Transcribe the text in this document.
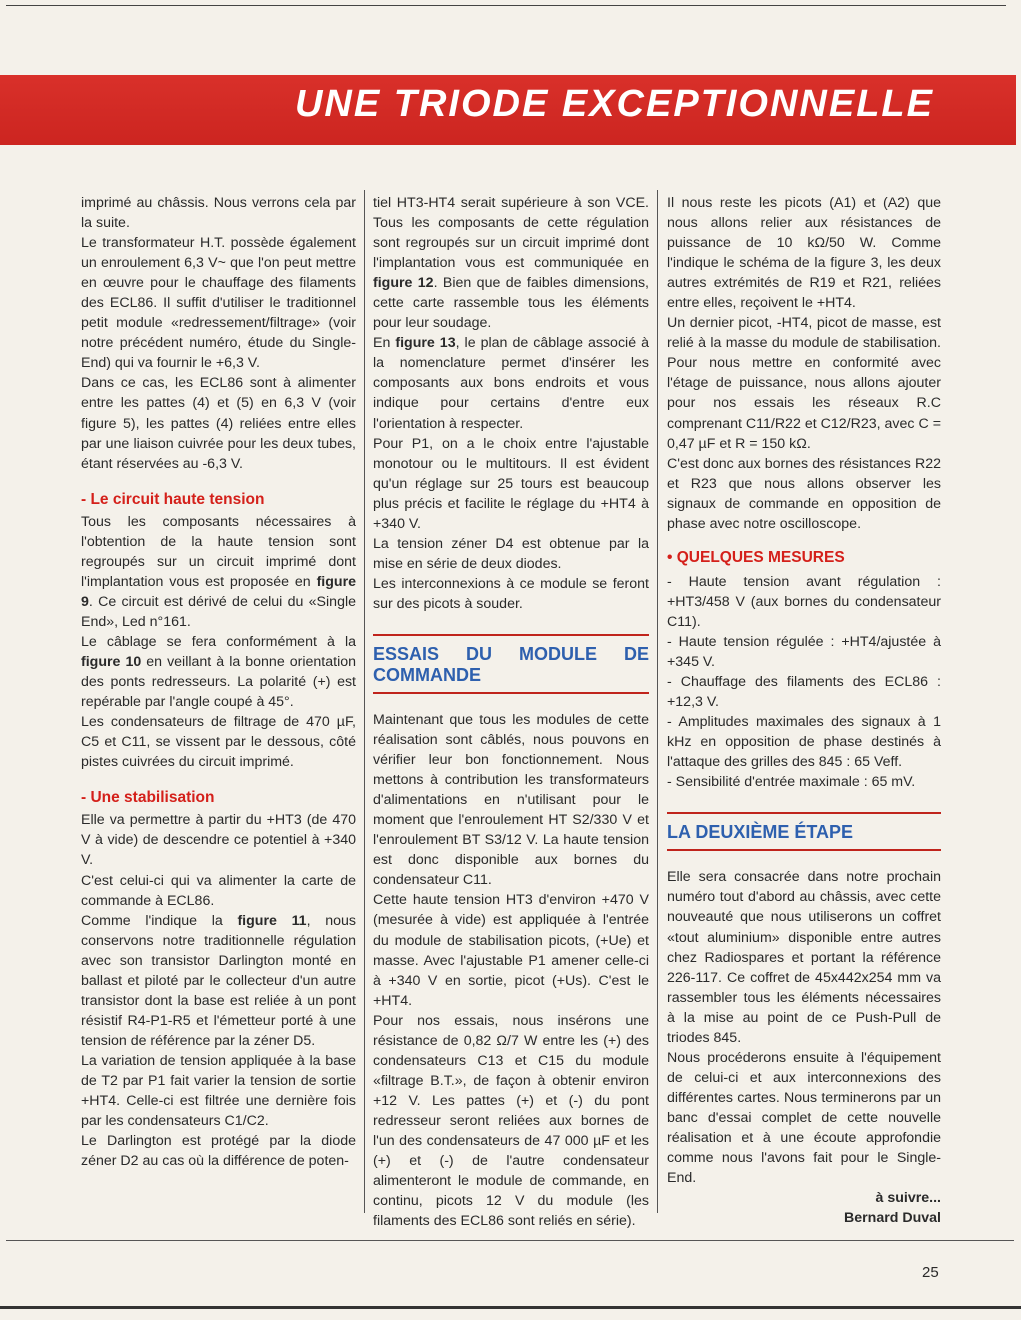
UNE TRIODE EXCEPTIONNELLE

imprimé au châssis. Nous verrons cela par la suite.

Le transformateur H.T. possède également un enroulement 6,3 V~ que l'on peut mettre en œuvre pour le chauffage des filaments des ECL86. Il suffit d'utiliser le traditionnel petit module «redressement/filtrage» (voir notre précédent numéro, étude du Single-End) qui va fournir le +6,3 V.

Dans ce cas, les ECL86 sont à alimenter entre les pattes (4) et (5) en 6,3 V (voir figure 5), les pattes (4) reliées entre elles par une liaison cuivrée pour les deux tubes, étant réservées au -6,3 V.

- Le circuit haute tension

Tous les composants nécessaires à l'obtention de la haute tension sont regroupés sur un circuit imprimé dont l'implantation vous est proposée en figure 9. Ce circuit est dérivé de celui du «Single End», Led n°161.

Le câblage se fera conformément à la figure 10 en veillant à la bonne orientation des ponts redresseurs. La polarité (+) est repérable par l'angle coupé à 45°.

Les condensateurs de filtrage de 470 µF, C5 et C11, se vissent par le dessous, côté pistes cuivrées du circuit imprimé.

- Une stabilisation

Elle va permettre à partir du +HT3 (de 470 V à vide) de descendre ce potentiel à +340 V.

C'est celui-ci qui va alimenter la carte de commande à ECL86.

Comme l'indique la figure 11, nous conservons notre traditionnelle régulation avec son transistor Darlington monté en ballast et piloté par le collecteur d'un autre transistor dont la base est reliée à un pont résistif R4-P1-R5 et l'émetteur porté à une tension de référence par la zéner D5.

La variation de tension appliquée à la base de T2 par P1 fait varier la tension de sortie +HT4. Celle-ci est filtrée une dernière fois par les condensateurs C1/C2.

Le Darlington est protégé par la diode zéner D2 au cas où la différence de poten-

tiel HT3-HT4 serait supérieure à son VCE. Tous les composants de cette régulation sont regroupés sur un circuit imprimé dont l'implantation vous est communiquée en figure 12. Bien que de faibles dimensions, cette carte rassemble tous les éléments pour leur soudage.

En figure 13, le plan de câblage associé à la nomenclature permet d'insérer les composants aux bons endroits et vous indique pour certains d'entre eux l'orientation à respecter.

Pour P1, on a le choix entre l'ajustable monotour ou le multitours. Il est évident qu'un réglage sur 25 tours est beaucoup plus précis et facilite le réglage du +HT4 à +340 V.

La tension zéner D4 est obtenue par la mise en série de deux diodes.

Les interconnexions à ce module se feront sur des picots à souder.

ESSAIS DU MODULE DE COMMANDE

Maintenant que tous les modules de cette réalisation sont câblés, nous pouvons en vérifier leur bon fonctionnement. Nous mettons à contribution les transformateurs d'alimentations en n'utilisant pour le moment que l'enroulement HT S2/330 V et l'enroulement BT S3/12 V. La haute tension est donc disponible aux bornes du condensateur C11.

Cette haute tension HT3 d'environ +470 V (mesurée à vide) est appliquée à l'entrée du module de stabilisation picots, (+Ue) et masse. Avec l'ajustable P1 amener celle-ci à +340 V en sortie, picot (+Us). C'est le +HT4.

Pour nos essais, nous insérons une résistance de 0,82 Ω/7 W entre les (+) des condensateurs C13 et C15 du module «filtrage B.T.», de façon à obtenir environ +12 V. Les pattes (+) et (-) du pont redresseur seront reliées aux bornes de l'un des condensateurs de 47 000 µF et les (+) et (-) de l'autre condensateur alimenteront le module de commande, en continu, picots 12 V du module (les filaments des ECL86 sont reliés en série).

Il nous reste les picots (A1) et (A2) que nous allons relier aux résistances de puissance de 10 kΩ/50 W. Comme l'indique le schéma de la figure 3, les deux autres extrémités de R19 et R21, reliées entre elles, reçoivent le +HT4.

Un dernier picot, -HT4, picot de masse, est relié à la masse du module de stabilisation. Pour nous mettre en conformité avec l'étage de puissance, nous allons ajouter pour nos essais les réseaux R.C comprenant C11/R22 et C12/R23, avec C = 0,47 µF et R = 150 kΩ.

C'est donc aux bornes des résistances R22 et R23 que nous allons observer les signaux de commande en opposition de phase avec notre oscilloscope.

• QUELQUES MESURES

- Haute tension avant régulation : +HT3/458 V (aux bornes du condensateur C11).

- Haute tension régulée : +HT4/ajustée à +345 V.

- Chauffage des filaments des ECL86 : +12,3 V.

- Amplitudes maximales des signaux à 1 kHz en opposition de phase destinés à l'attaque des grilles des 845 : 65 Veff.

- Sensibilité d'entrée maximale : 65 mV.

LA DEUXIÈME ÉTAPE

Elle sera consacrée dans notre prochain numéro tout d'abord au châssis, avec cette nouveauté que nous utiliserons un coffret «tout aluminium» disponible entre autres chez Radiospares et portant la référence 226-117. Ce coffret de 45x442x254 mm va rassembler tous les éléments nécessaires à la mise au point de ce Push-Pull de triodes 845.

Nous procéderons ensuite à l'équipement de celui-ci et aux interconnexions des différentes cartes. Nous terminerons par un banc d'essai complet de cette nouvelle réalisation et à une écoute approfondie comme nous l'avons fait pour le Single-End.

à suivre...

Bernard Duval

25
